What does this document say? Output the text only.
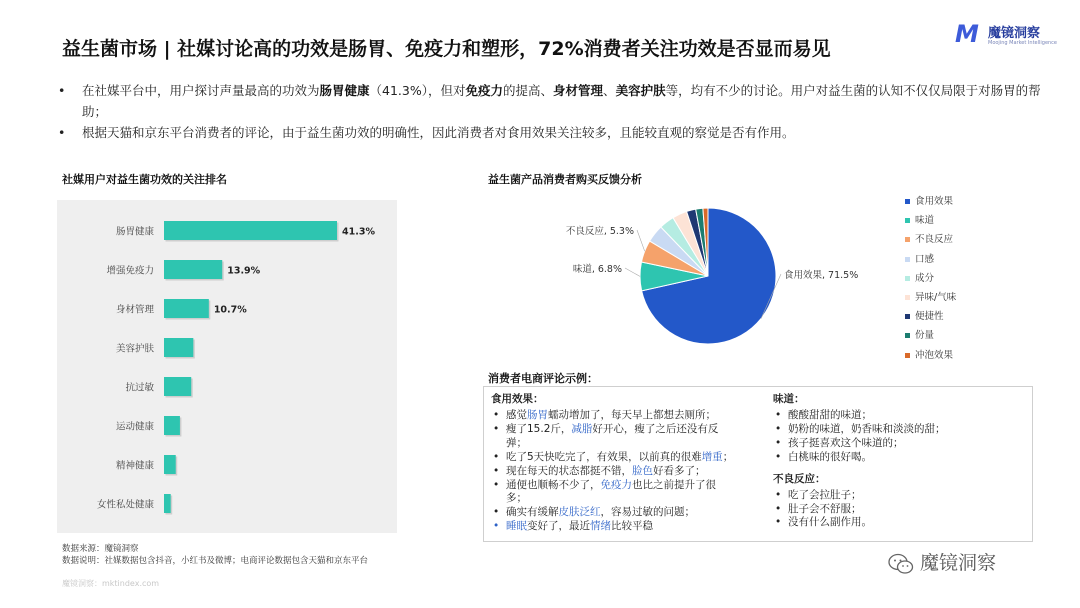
益生菌市场 | 社媒讨论高的功效是肠胃、免疫力和塑形，72%消费者关注功效是否显而易见
M 魔镜洞察
Moojing Market Intelligence
• 在社媒平台中，用户探讨声量最高的功效为肠胃健康（41.3%），但对免疫力的提高、身材管理、美容护肤等，均有不少的讨论。用户对益生菌的认知不仅仅局限于对肠胃的帮助；
• 根据天猫和京东平台消费者的评论，由于益生菌功效的明确性，因此消费者对食用效果关注较多，且能较直观的察觉是否有作用。
社媒用户对益生菌功效的关注排名
肠胃健康	41.3%
增强免疫力	13.9%
身材管理	10.7%
美容护肤
抗过敏
运动健康
精神健康
女性私处健康
益生菌产品消费者购买反馈分析
食用效果, 71.5%
味道, 6.8%
不良反应, 5.3%
食用效果
味道
不良反应
口感
成分
异味/气味
便捷性
份量
冲泡效果
消费者电商评论示例：
食用效果：
• 感觉肠胃蠕动增加了，每天早上都想去厕所；
• 瘦了15.2斤，减脂好开心，瘦了之后还没有反
弹；
• 吃了5天快吃完了，有效果，以前真的很难增重；
• 现在每天的状态都挺不错，脸色好看多了；
• 通便也顺畅不少了，免疫力也比之前提升了很
多；
• 确实有缓解皮肤泛红，容易过敏的问题；
• 睡眠变好了，最近情绪比较平稳
味道：
• 酸酸甜甜的味道；
• 奶粉的味道，奶香味和淡淡的甜；
• 孩子挺喜欢这个味道的；
• 白桃味的很好喝。
不良反应：
• 吃了会拉肚子；
• 肚子会不舒服；
• 没有什么副作用。
数据来源：魔镜洞察
数据说明：社媒数据包含抖音，小红书及微博；电商评论数据包含天猫和京东平台
魔镜洞察：mktindex.com
魔镜洞察
